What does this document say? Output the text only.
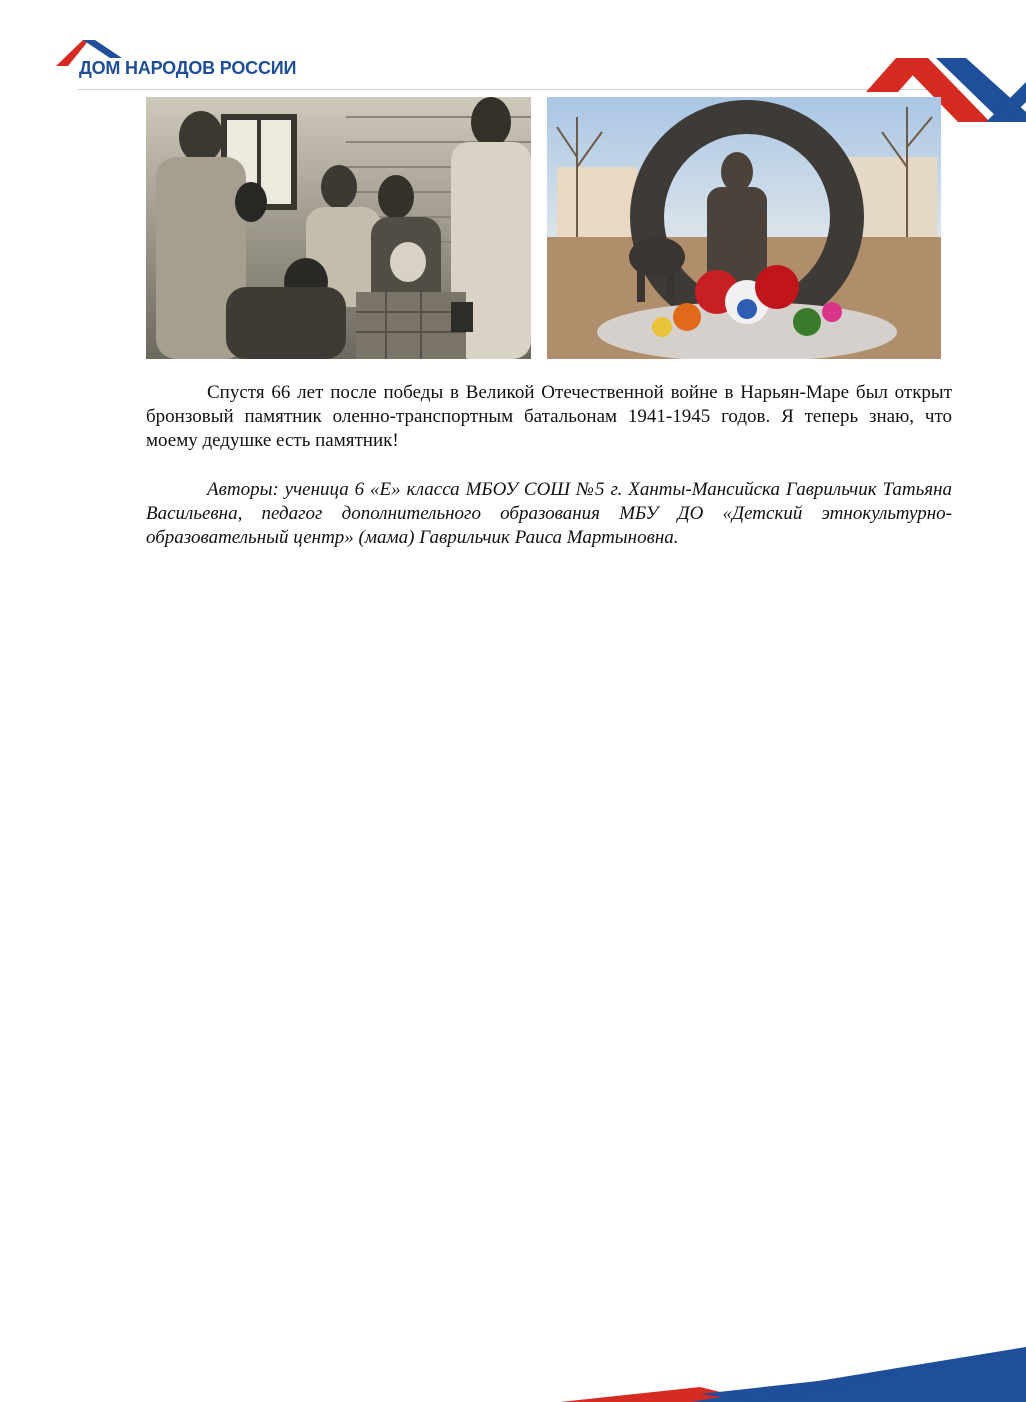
ДОМ НАРОДОВ РОССИИ

Спустя 66 лет после победы в Великой Отечественной войне в Нарьян-Маре был открыт бронзовый памятник оленно-транспортным батальонам 1941-1945 годов. Я теперь знаю, что моему дедушке есть памятник!

Авторы: ученица 6 «Е» класса МБОУ СОШ №5 г. Ханты-Мансийска Гаврильчик Татьяна Васильевна, педагог дополнительного образования МБУ ДО «Детский этнокультурно-образовательный центр» (мама) Гаврильчик Раиса Мартыновна.
